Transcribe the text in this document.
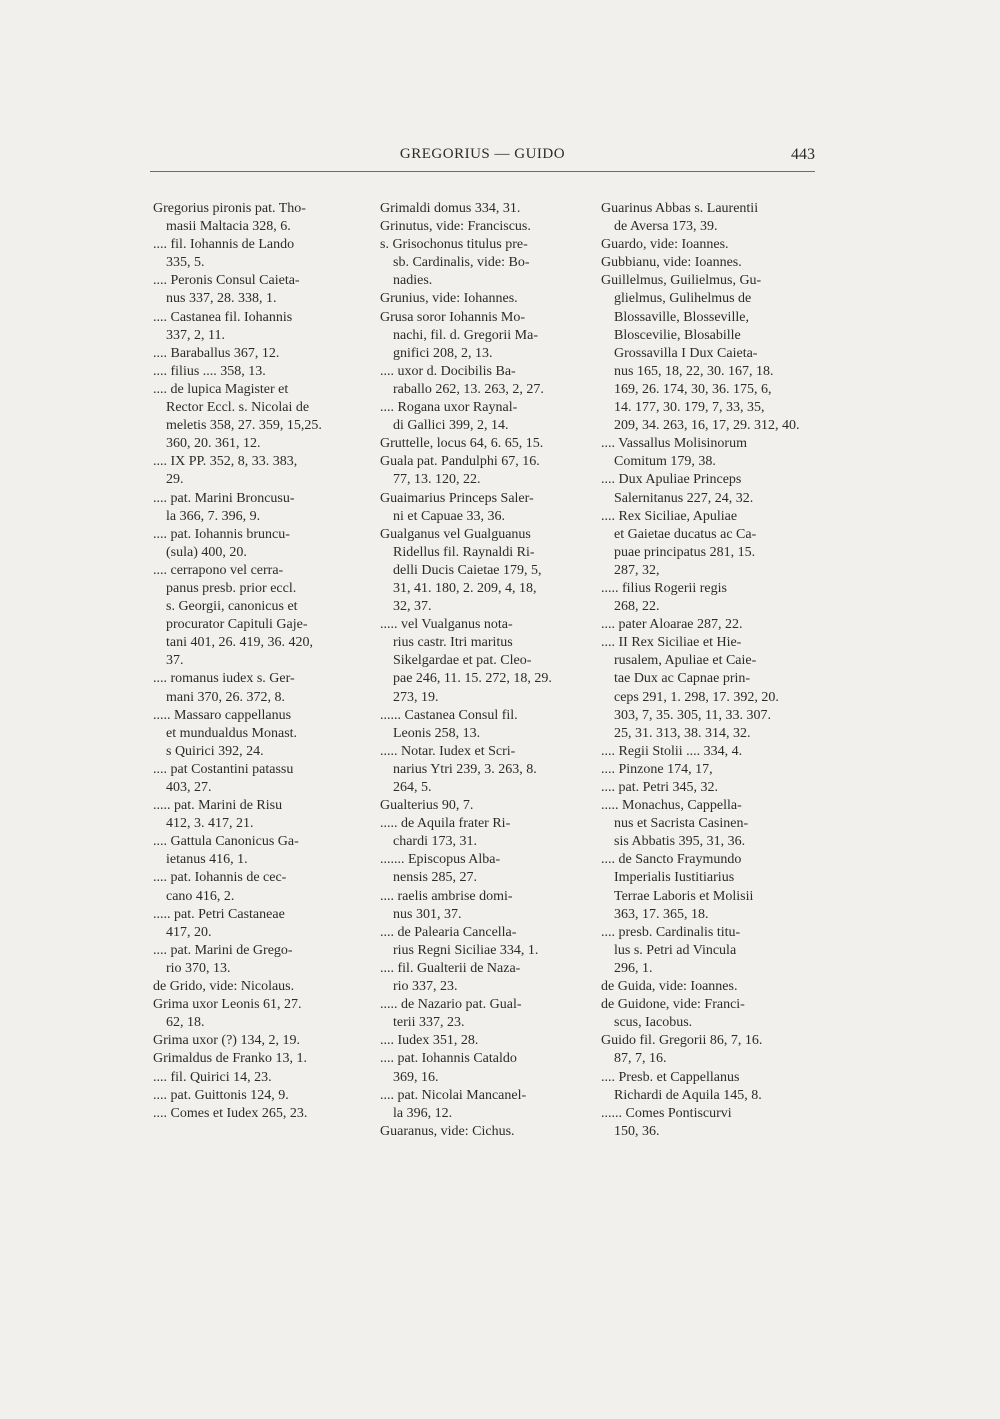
GREGORIUS — GUIDO	443
Gregorius pironis pat. Tho-
masii Maltacia 328, 6.
.... fil. Iohannis de Lando
335, 5.
.... Peronis Consul Caieta-
nus 337, 28. 338, 1.
.... Castanea fil. Iohannis
337, 2, 11.
.... Baraballus 367, 12.
.... filius .... 358, 13.
.... de lupica Magister et
Rector Eccl. s. Nicolai de
meletis 358, 27. 359, 15,25.
360, 20. 361, 12.
.... IX PP. 352, 8, 33. 383,
29.
.... pat. Marini Broncusu-
la 366, 7. 396, 9.
.... pat. Iohannis bruncu-
(sula) 400, 20.
.... cerrapono vel cerra-
panus presb. prior eccl.
s. Georgii, canonicus et
procurator Capituli Gaje-
tani 401, 26. 419, 36. 420,
37.
.... romanus iudex s. Ger-
mani 370, 26. 372, 8.
..... Massaro cappellanus
et mundualdus Monast.
s Quirici 392, 24.
.... pat Costantini patassu
403, 27.
..... pat. Marini de Risu
412, 3. 417, 21.
.... Gattula Canonicus Ga-
ietanus 416, 1.
.... pat. Iohannis de cec-
cano 416, 2.
..... pat. Petri Castaneae
417, 20.
.... pat. Marini de Grego-
rio 370, 13.
de Grido, vide: Nicolaus.
Grima uxor Leonis 61, 27.
62, 18.
Grima uxor (?) 134, 2, 19.
Grimaldus de Franko 13, 1.
.... fil. Quirici 14, 23.
.... pat. Guittonis 124, 9.
.... Comes et Iudex 265, 23.
Grimaldi domus 334, 31.
Grinutus, vide: Franciscus.
s. Grisochonus titulus pre-
sb. Cardinalis, vide: Bo-
nadies.
Grunius, vide: Iohannes.
Grusa soror Iohannis Mo-
nachi, fil. d. Gregorii Ma-
gnifici 208, 2, 13.
.... uxor d. Docibilis Ba-
raballo 262, 13. 263, 2, 27.
.... Rogana uxor Raynal-
di Gallici 399, 2, 14.
Gruttelle, locus 64, 6. 65, 15.
Guala pat. Pandulphi 67, 16.
77, 13. 120, 22.
Guaimarius Princeps Saler-
ni et Capuae 33, 36.
Gualganus vel Gualguanus
Ridellus fil. Raynaldi Ri-
delli Ducis Caietae 179, 5,
31, 41. 180, 2. 209, 4, 18,
32, 37.
..... vel Vualganus nota-
rius castr. Itri maritus
Sikelgardae et pat. Cleo-
pae 246, 11. 15. 272, 18, 29.
273, 19.
...... Castanea Consul fil.
Leonis 258, 13.
..... Notar. Iudex et Scri-
narius Ytri 239, 3. 263, 8.
264, 5.
Gualterius 90, 7.
..... de Aquila frater Ri-
chardi 173, 31.
....... Episcopus Alba-
nensis 285, 27.
.... raelis ambrise domi-
nus 301, 37.
.... de Palearia Cancella-
rius Regni Siciliae 334, 1.
.... fil. Gualterii de Naza-
rio 337, 23.
..... de Nazario pat. Gual-
terii 337, 23.
.... Iudex 351, 28.
.... pat. Iohannis Cataldo
369, 16.
.... pat. Nicolai Mancanel-
la 396, 12.
Guaranus, vide: Cichus.
Guarinus Abbas s. Laurentii
de Aversa 173, 39.
Guardo, vide: Ioannes.
Gubbianu, vide: Ioannes.
Guillelmus, Guilielmus, Gu-
glielmus, Gulihelmus de
Blossaville, Blosseville,
Bloscevilie, Blosabille
Grossavilla I Dux Caieta-
nus 165, 18, 22, 30. 167, 18.
169, 26. 174, 30, 36. 175, 6,
14. 177, 30. 179, 7, 33, 35,
209, 34. 263, 16, 17, 29. 312, 40.
.... Vassallus Molisinorum
Comitum 179, 38.
.... Dux Apuliae Princeps
Salernitanus 227, 24, 32.
.... Rex Siciliae, Apuliae
et Gaietae ducatus ac Ca-
puae principatus 281, 15.
287, 32,
..... filius Rogerii regis
268, 22.
.... pater Aloarae 287, 22.
.... II Rex Siciliae et Hie-
rusalem, Apuliae et Caie-
tae Dux ac Capnae prin-
ceps 291, 1. 298, 17. 392, 20.
303, 7, 35. 305, 11, 33. 307.
25, 31. 313, 38. 314, 32.
.... Regii Stolii .... 334, 4.
.... Pinzone 174, 17,
.... pat. Petri 345, 32.
..... Monachus, Cappella-
nus et Sacrista Casinen-
sis Abbatis 395, 31, 36.
.... de Sancto Fraymundo
Imperialis Iustitiarius
Terrae Laboris et Molisii
363, 17. 365, 18.
.... presb. Cardinalis titu-
lus s. Petri ad Vincula
296, 1.
de Guida, vide: Ioannes.
de Guidone, vide: Franci-
scus, Iacobus.
Guido fil. Gregorii 86, 7, 16.
87, 7, 16.
.... Presb. et Cappellanus
Richardi de Aquila 145, 8.
...... Comes Pontiscurvi
150, 36.
